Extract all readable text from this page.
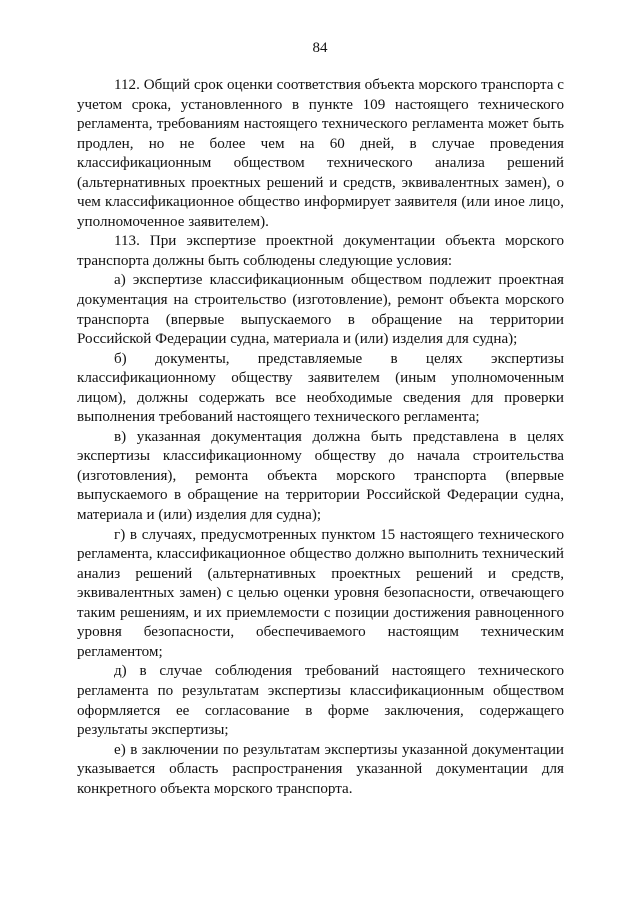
84

112. Общий срок оценки соответствия объекта морского транспорта с учетом срока, установленного в пункте 109 настоящего технического регламента, требованиям настоящего технического регламента может быть продлен, но не более чем на 60 дней, в случае проведения классификационным обществом технического анализа решений (альтернативных проектных решений и средств, эквивалентных замен), о чем классификационное общество информирует заявителя (или иное лицо, уполномоченное заявителем).

113. При экспертизе проектной документации объекта морского транспорта должны быть соблюдены следующие условия:

а) экспертизе классификационным обществом подлежит проектная документация на строительство (изготовление), ремонт объекта морского транспорта (впервые выпускаемого в обращение на территории Российской Федерации судна, материала и (или) изделия для судна);

б) документы, представляемые в целях экспертизы классификационному обществу заявителем (иным уполномоченным лицом), должны содержать все необходимые сведения для проверки выполнения требований настоящего технического регламента;

в) указанная документация должна быть представлена в целях экспертизы классификационному обществу до начала строительства (изготовления), ремонта объекта морского транспорта (впервые выпускаемого в обращение на территории Российской Федерации судна, материала и (или) изделия для судна);

г) в случаях, предусмотренных пунктом 15 настоящего технического регламента, классификационное общество должно выполнить технический анализ решений (альтернативных проектных решений и средств, эквивалентных замен) с целью оценки уровня безопасности, отвечающего таким решениям, и их приемлемости с позиции достижения равноценного уровня безопасности, обеспечиваемого настоящим техническим регламентом;

д) в случае соблюдения требований настоящего технического регламента по результатам экспертизы классификационным обществом оформляется ее согласование в форме заключения, содержащего результаты экспертизы;

е) в заключении по результатам экспертизы указанной документации указывается область распространения указанной документации для конкретного объекта морского транспорта.
